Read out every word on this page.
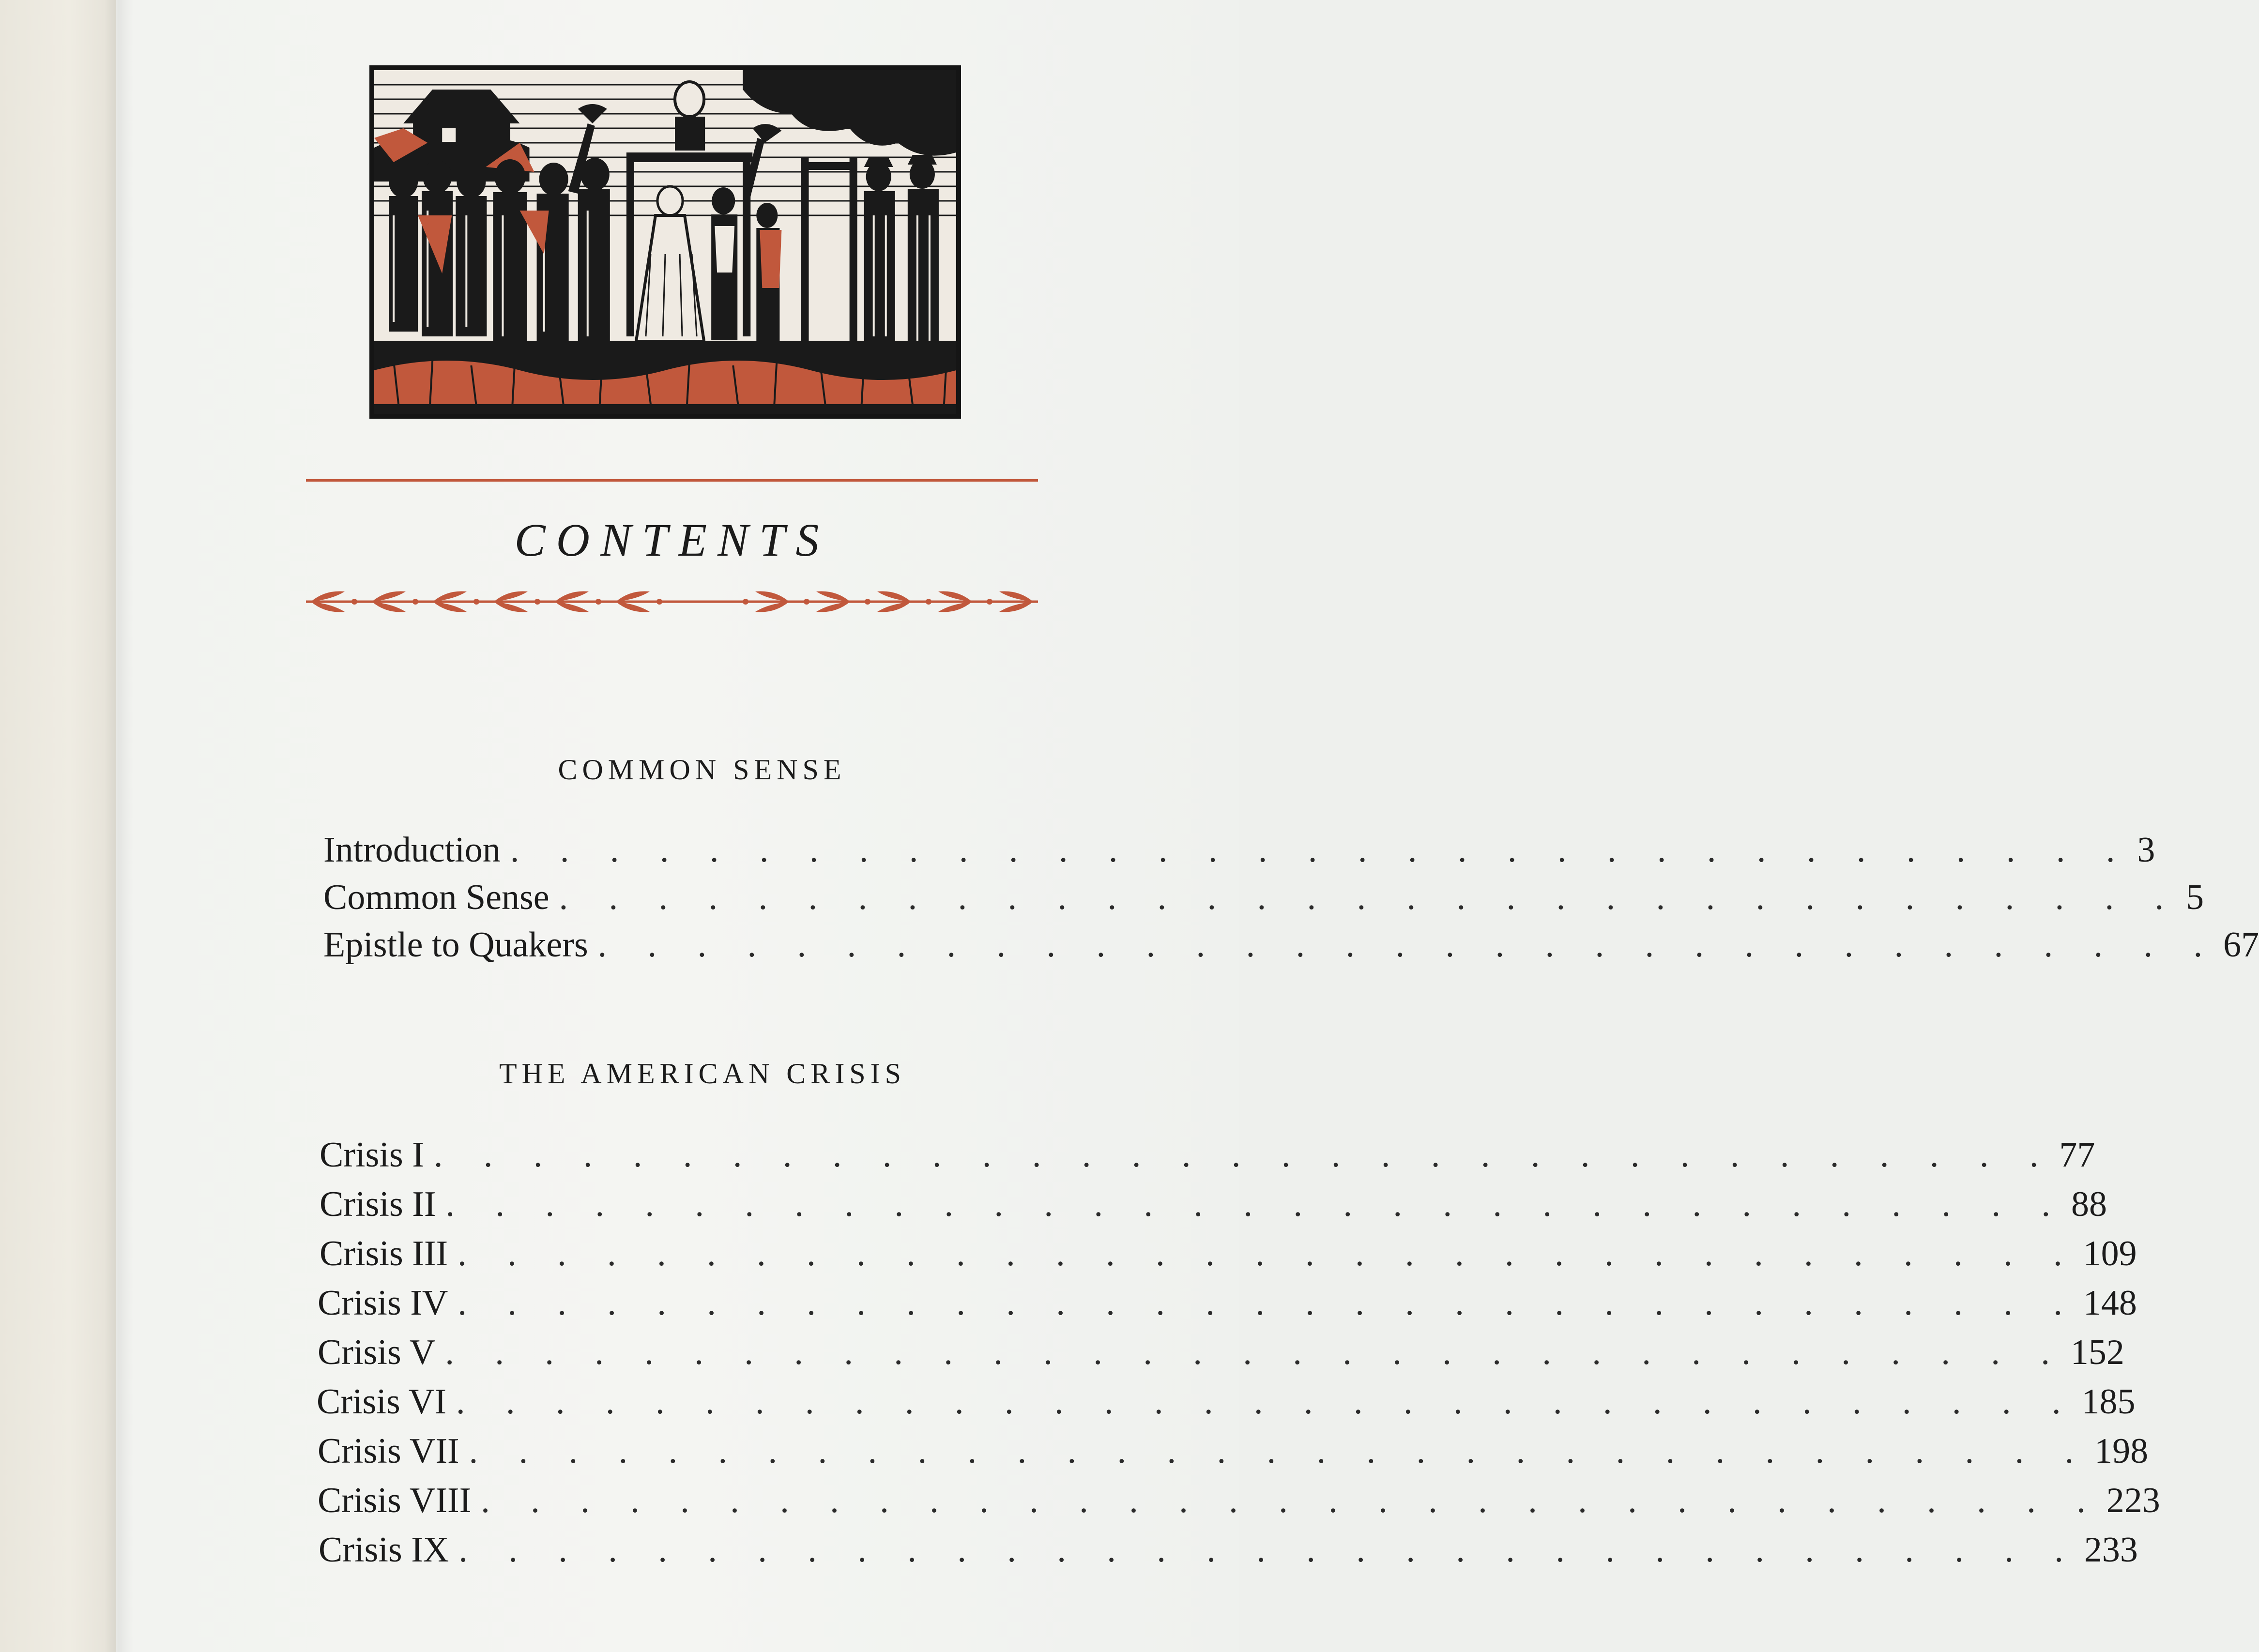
CONTENTS
COMMON SENSE
Introduction . . . . . . . . . . . . . . . . . . . . . . . . . . . . . . . . . 3
Common Sense . . . . . . . . . . . . . . . . . . . . . . . . . . . . . . . . . 5
Epistle to Quakers . . . . . . . . . . . . . . . . . . . . . . . . . . . . . . . . . 67
THE AMERICAN CRISIS
Crisis I . . . . . . . . . . . . . . . . . . . . . . . . . . . . . . . . . 77
Crisis II . . . . . . . . . . . . . . . . . . . . . . . . . . . . . . . . . 88
Crisis III . . . . . . . . . . . . . . . . . . . . . . . . . . . . . . . . . 109
Crisis IV . . . . . . . . . . . . . . . . . . . . . . . . . . . . . . . . . 148
Crisis V . . . . . . . . . . . . . . . . . . . . . . . . . . . . . . . . . 152
Crisis VI . . . . . . . . . . . . . . . . . . . . . . . . . . . . . . . . . 185
Crisis VII . . . . . . . . . . . . . . . . . . . . . . . . . . . . . . . . . 198
Crisis VIII . . . . . . . . . . . . . . . . . . . . . . . . . . . . . . . . . 223
Crisis IX . . . . . . . . . . . . . . . . . . . . . . . . . . . . . . . . . 233
